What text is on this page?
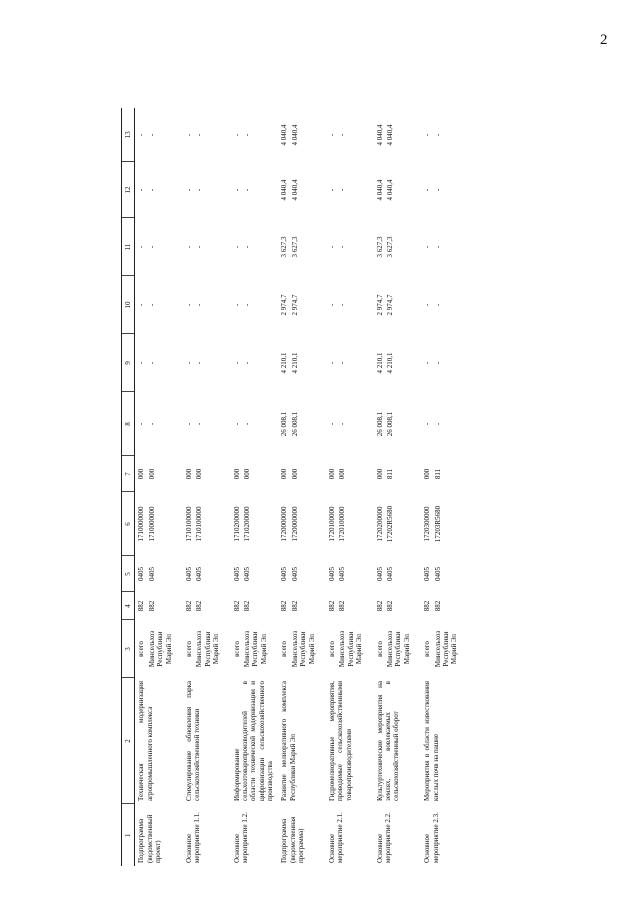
2
1	2	3	4	5	6	7	8	9	10	11	12	13
Подпрограмма (ведомственный проект)	Техническая модернизация агропромышленного комплекса	всего	882	0405	1710000000	000	-	-	-	-	-	-
		Минсельхоз Республики Марий Эл	882	0405	1710000000	000	-	-	-	-	-	-
Основное мероприятие 1.1.	Стимулирование обновления парка сельскохозяйственной техники	всего	882	0405	1710100000	000	-	-	-	-	-	-
		Минсельхоз Республики Марий Эл	882	0405	1710100000	000	-	-	-	-	-	-
Основное мероприятие 1.2.	Информирование сельхозтоваропроизводителей в области технической модернизации и цифровизации сельскохозяйственного производства	всего	882	0405	1710200000	000	-	-	-	-	-	-
		Минсельхоз Республики Марий Эл	882	0405	1710200000	000	-	-	-	-	-	-
Подпрограмма (ведомственная программа)	Развитие мелиоративного комплекса Республики Марий Эл	всего	882	0405	1720000000	000	26 008,1	4 210,1	2 974,7	3 627,3	4 040,4	4 040,4
		Минсельхоз Республики Марий Эл	882	0405	1720000000	000	26 008,1	4 210,1	2 974,7	3 627,3	4 040,4	4 040,4
Основное мероприятие 2.1.	Гидромелиоративные мероприятия, проводимые сельскохозяйственными товаропроизводителями	всего	882	0405	1720100000	000	-	-	-	-	-	-
		Минсельхоз Республики Марий Эл	882	0405	1720100000	000	-	-	-	-	-	-
Основное мероприятие 2.2.	Культуртехнические мероприятия на землях, вовлекаемых в сельскохозяйственный оборот	всего	882	0405	1720200000	000	26 008,1	4 210,1	2 974,7	3 627,3	4 040,4	4 040,4
		Минсельхоз Республики Марий Эл	882	0405	17202R5680	811	26 008,1	4 210,1	2 974,7	3 627,3	4 040,4	4 040,4
Основное мероприятие 2.3.	Мероприятия в области известкования кислых почв на пашне	всего	882	0405	1720300000	000	-	-	-	-	-	-
		Минсельхоз Республики Марий Эл	882	0405	17203R5680	811	-	-	-	-	-	-
